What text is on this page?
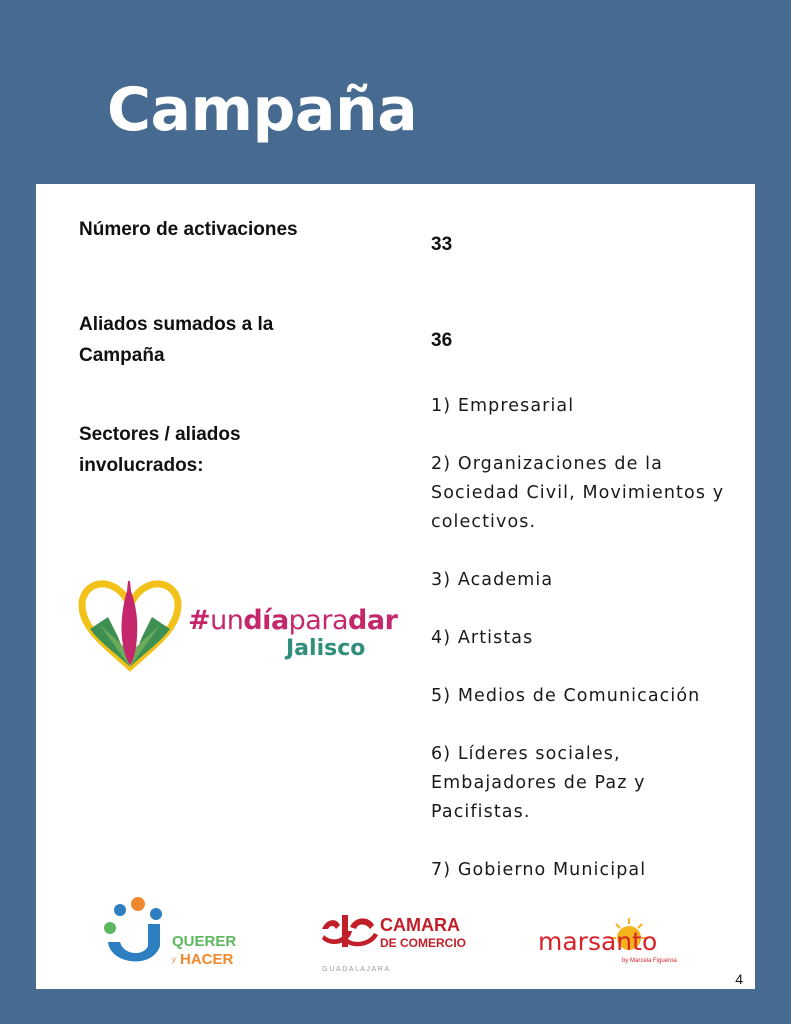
Campaña
Número de activaciones
33
Aliados sumados a la Campaña
36
Sectores / aliados involucrados:
1) Empresarial
2) Organizaciones de la Sociedad Civil, Movimientos y colectivos.
3) Academia
4) Artistas
5) Medios de Comunicación
6) Líderes sociales, Embajadores de Paz y Pacifistas.
7) Gobierno Municipal
#undíaparadar
Jalisco
QUERER
y HACER
CAMARA
DE COMERCIO
G U A D A L A J A R A
marsanto
by Marcela Figueroa
4
